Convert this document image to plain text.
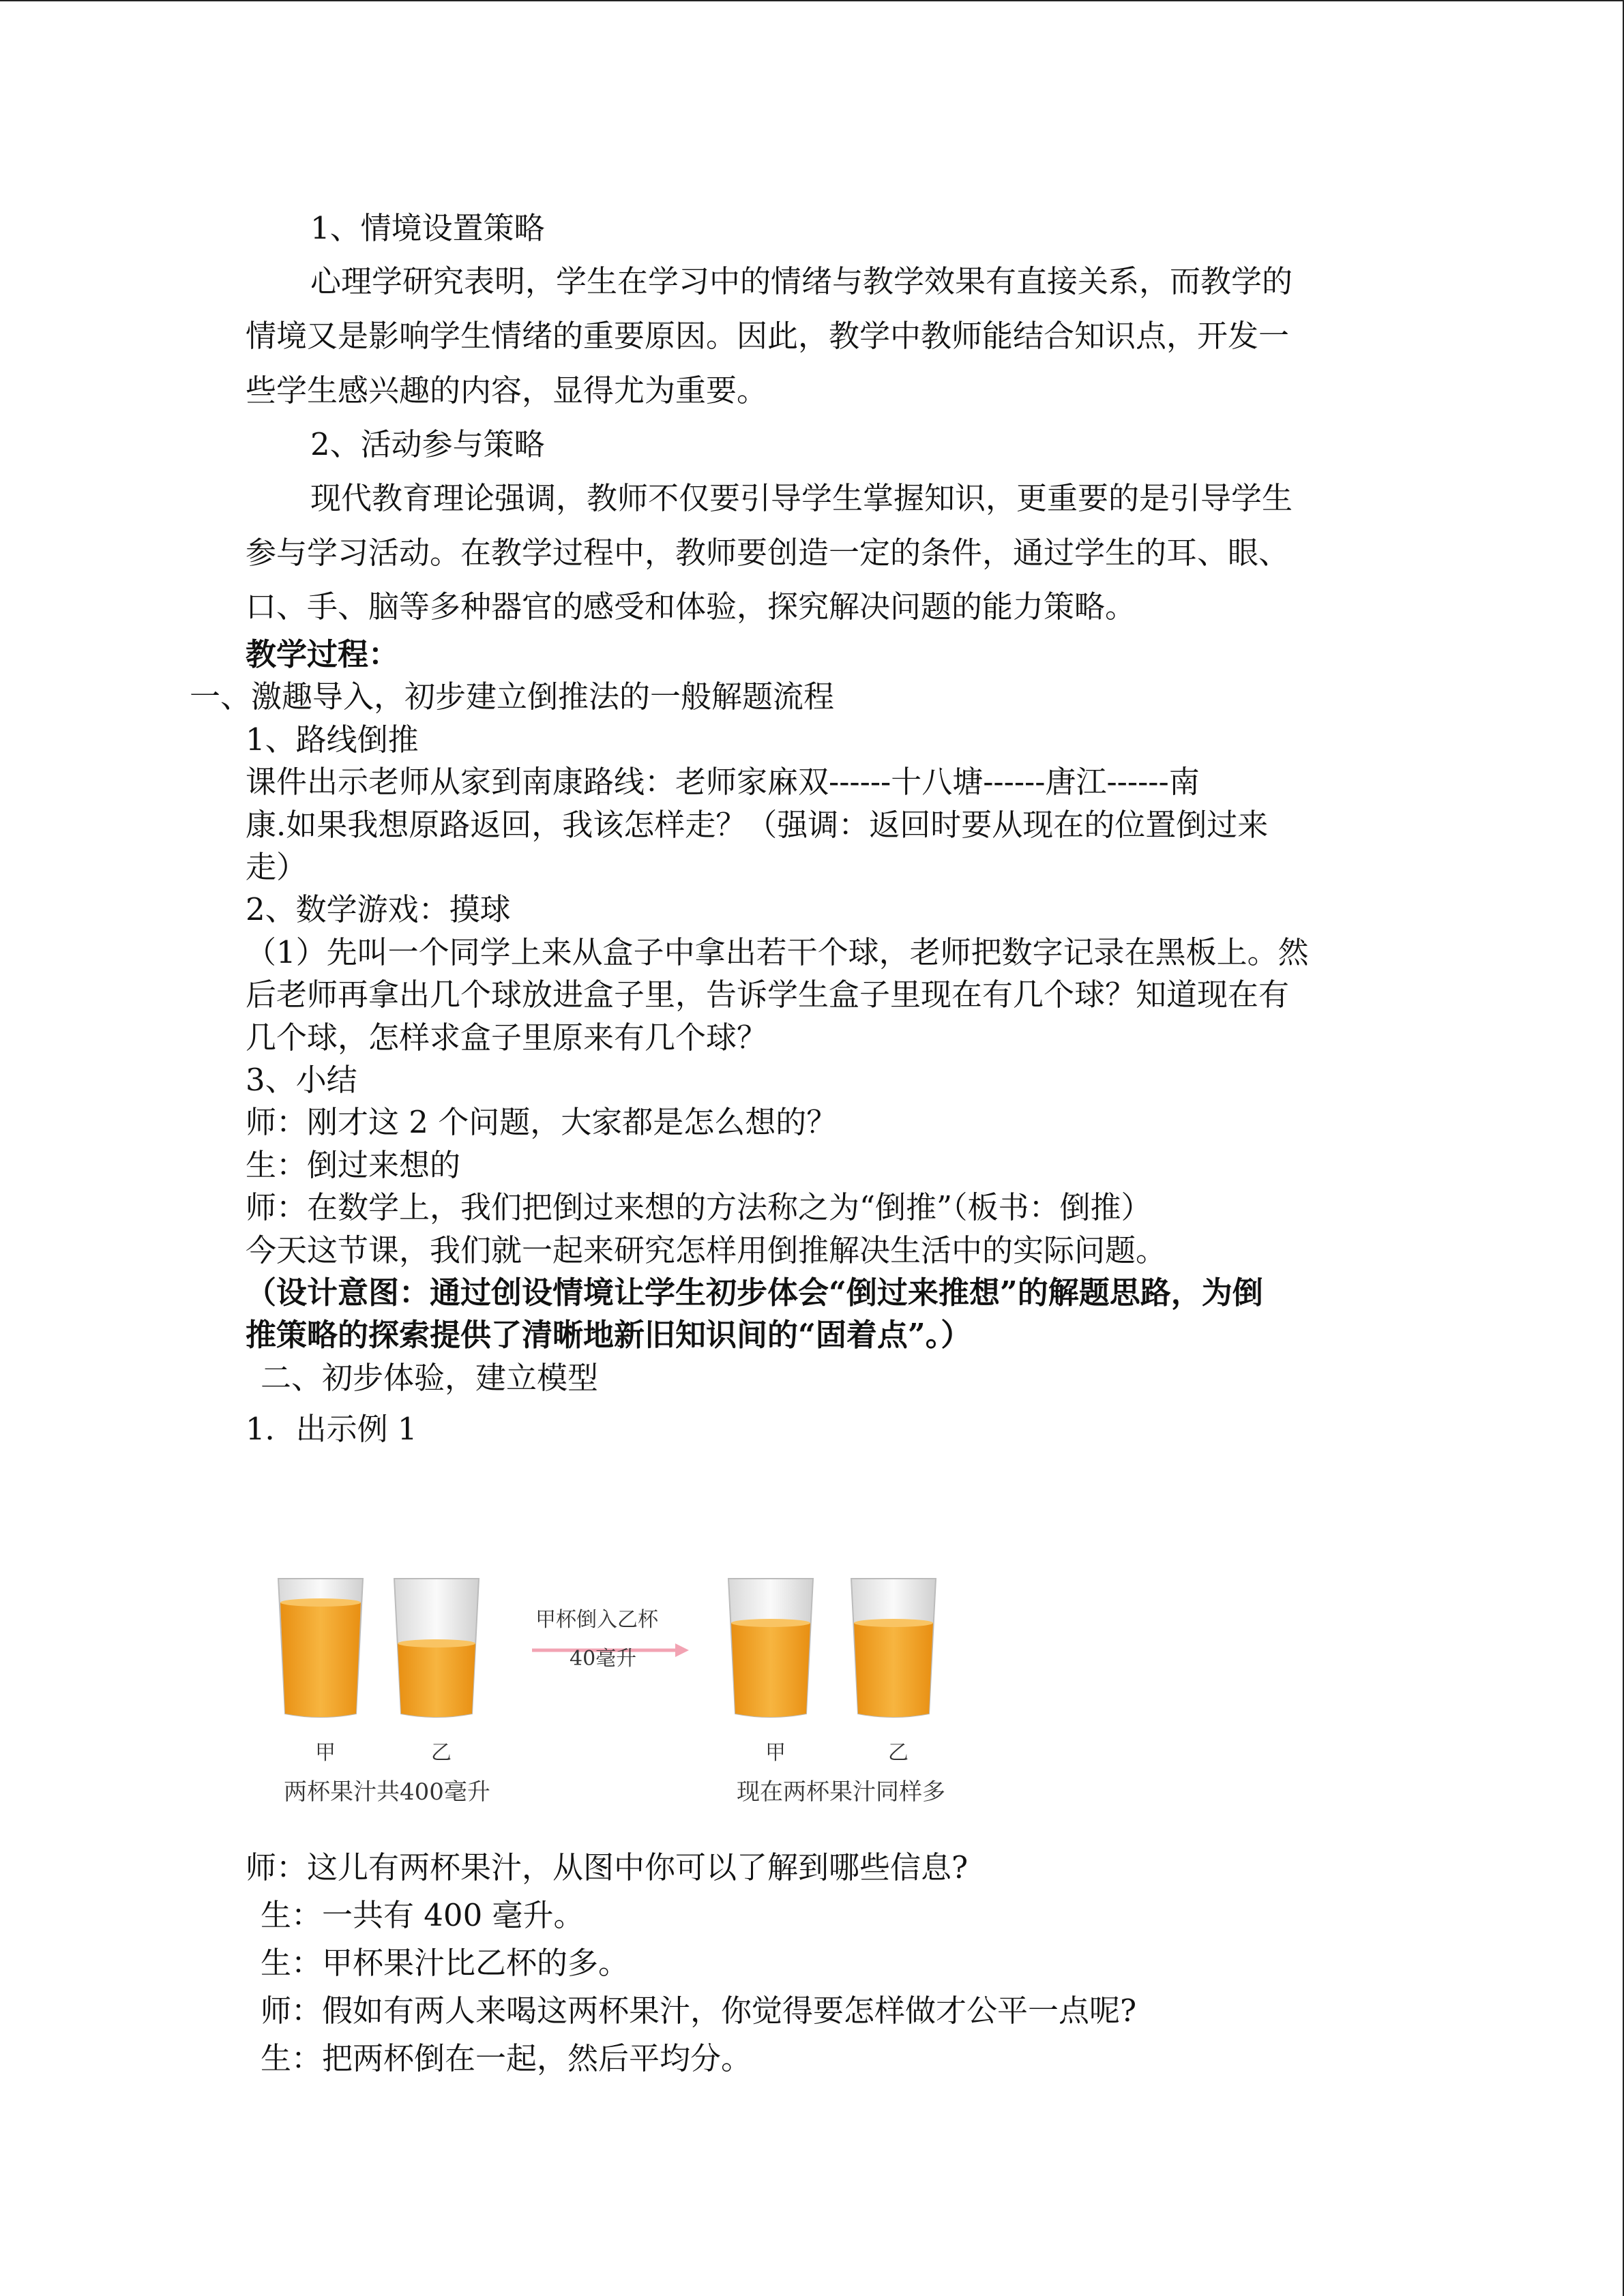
1、情境设置策略
心理学研究表明，学生在学习中的情绪与教学效果有直接关系，而教学的
情境又是影响学生情绪的重要原因。因此，教学中教师能结合知识点，开发一
些学生感兴趣的内容，显得尤为重要。
2、活动参与策略
现代教育理论强调，教师不仅要引导学生掌握知识，更重要的是引导学生
参与学习活动。在教学过程中，教师要创造一定的条件，通过学生的耳、眼、
口、手、脑等多种器官的感受和体验，探究解决问题的能力策略。
教学过程：
一、激趣导入，初步建立倒推法的一般解题流程
1、路线倒推
课件出示老师从家到南康路线：老师家麻双------十八塘------唐江------南
康.如果我想原路返回，我该怎样走？（强调：返回时要从现在的位置倒过来
走）
2、数学游戏：摸球
（1）先叫一个同学上来从盒子中拿出若干个球，老师把数字记录在黑板上。然
后老师再拿出几个球放进盒子里，告诉学生盒子里现在有几个球？知道现在有
几个球，怎样求盒子里原来有几个球？
3、小结
师：刚才这 2 个问题，大家都是怎么想的？
生：倒过来想的
师：在数学上，我们把倒过来想的方法称之为“倒推”（板书：倒推）
今天这节课，我们就一起来研究怎样用倒推解决生活中的实际问题。
（设计意图：通过创设情境让学生初步体会“倒过来推想”的解题思路，为倒
推策略的探索提供了清晰地新旧知识间的“固着点”。）
二、初步体验，建立模型
1．出示例 1
甲杯倒入乙杯
40毫升
甲	乙	甲	乙
两杯果汁共400毫升	现在两杯果汁同样多
师：这儿有两杯果汁，从图中你可以了解到哪些信息?
生：一共有 400 毫升。
生：甲杯果汁比乙杯的多。
师：假如有两人来喝这两杯果汁，你觉得要怎样做才公平一点呢?
生：把两杯倒在一起，然后平均分。
